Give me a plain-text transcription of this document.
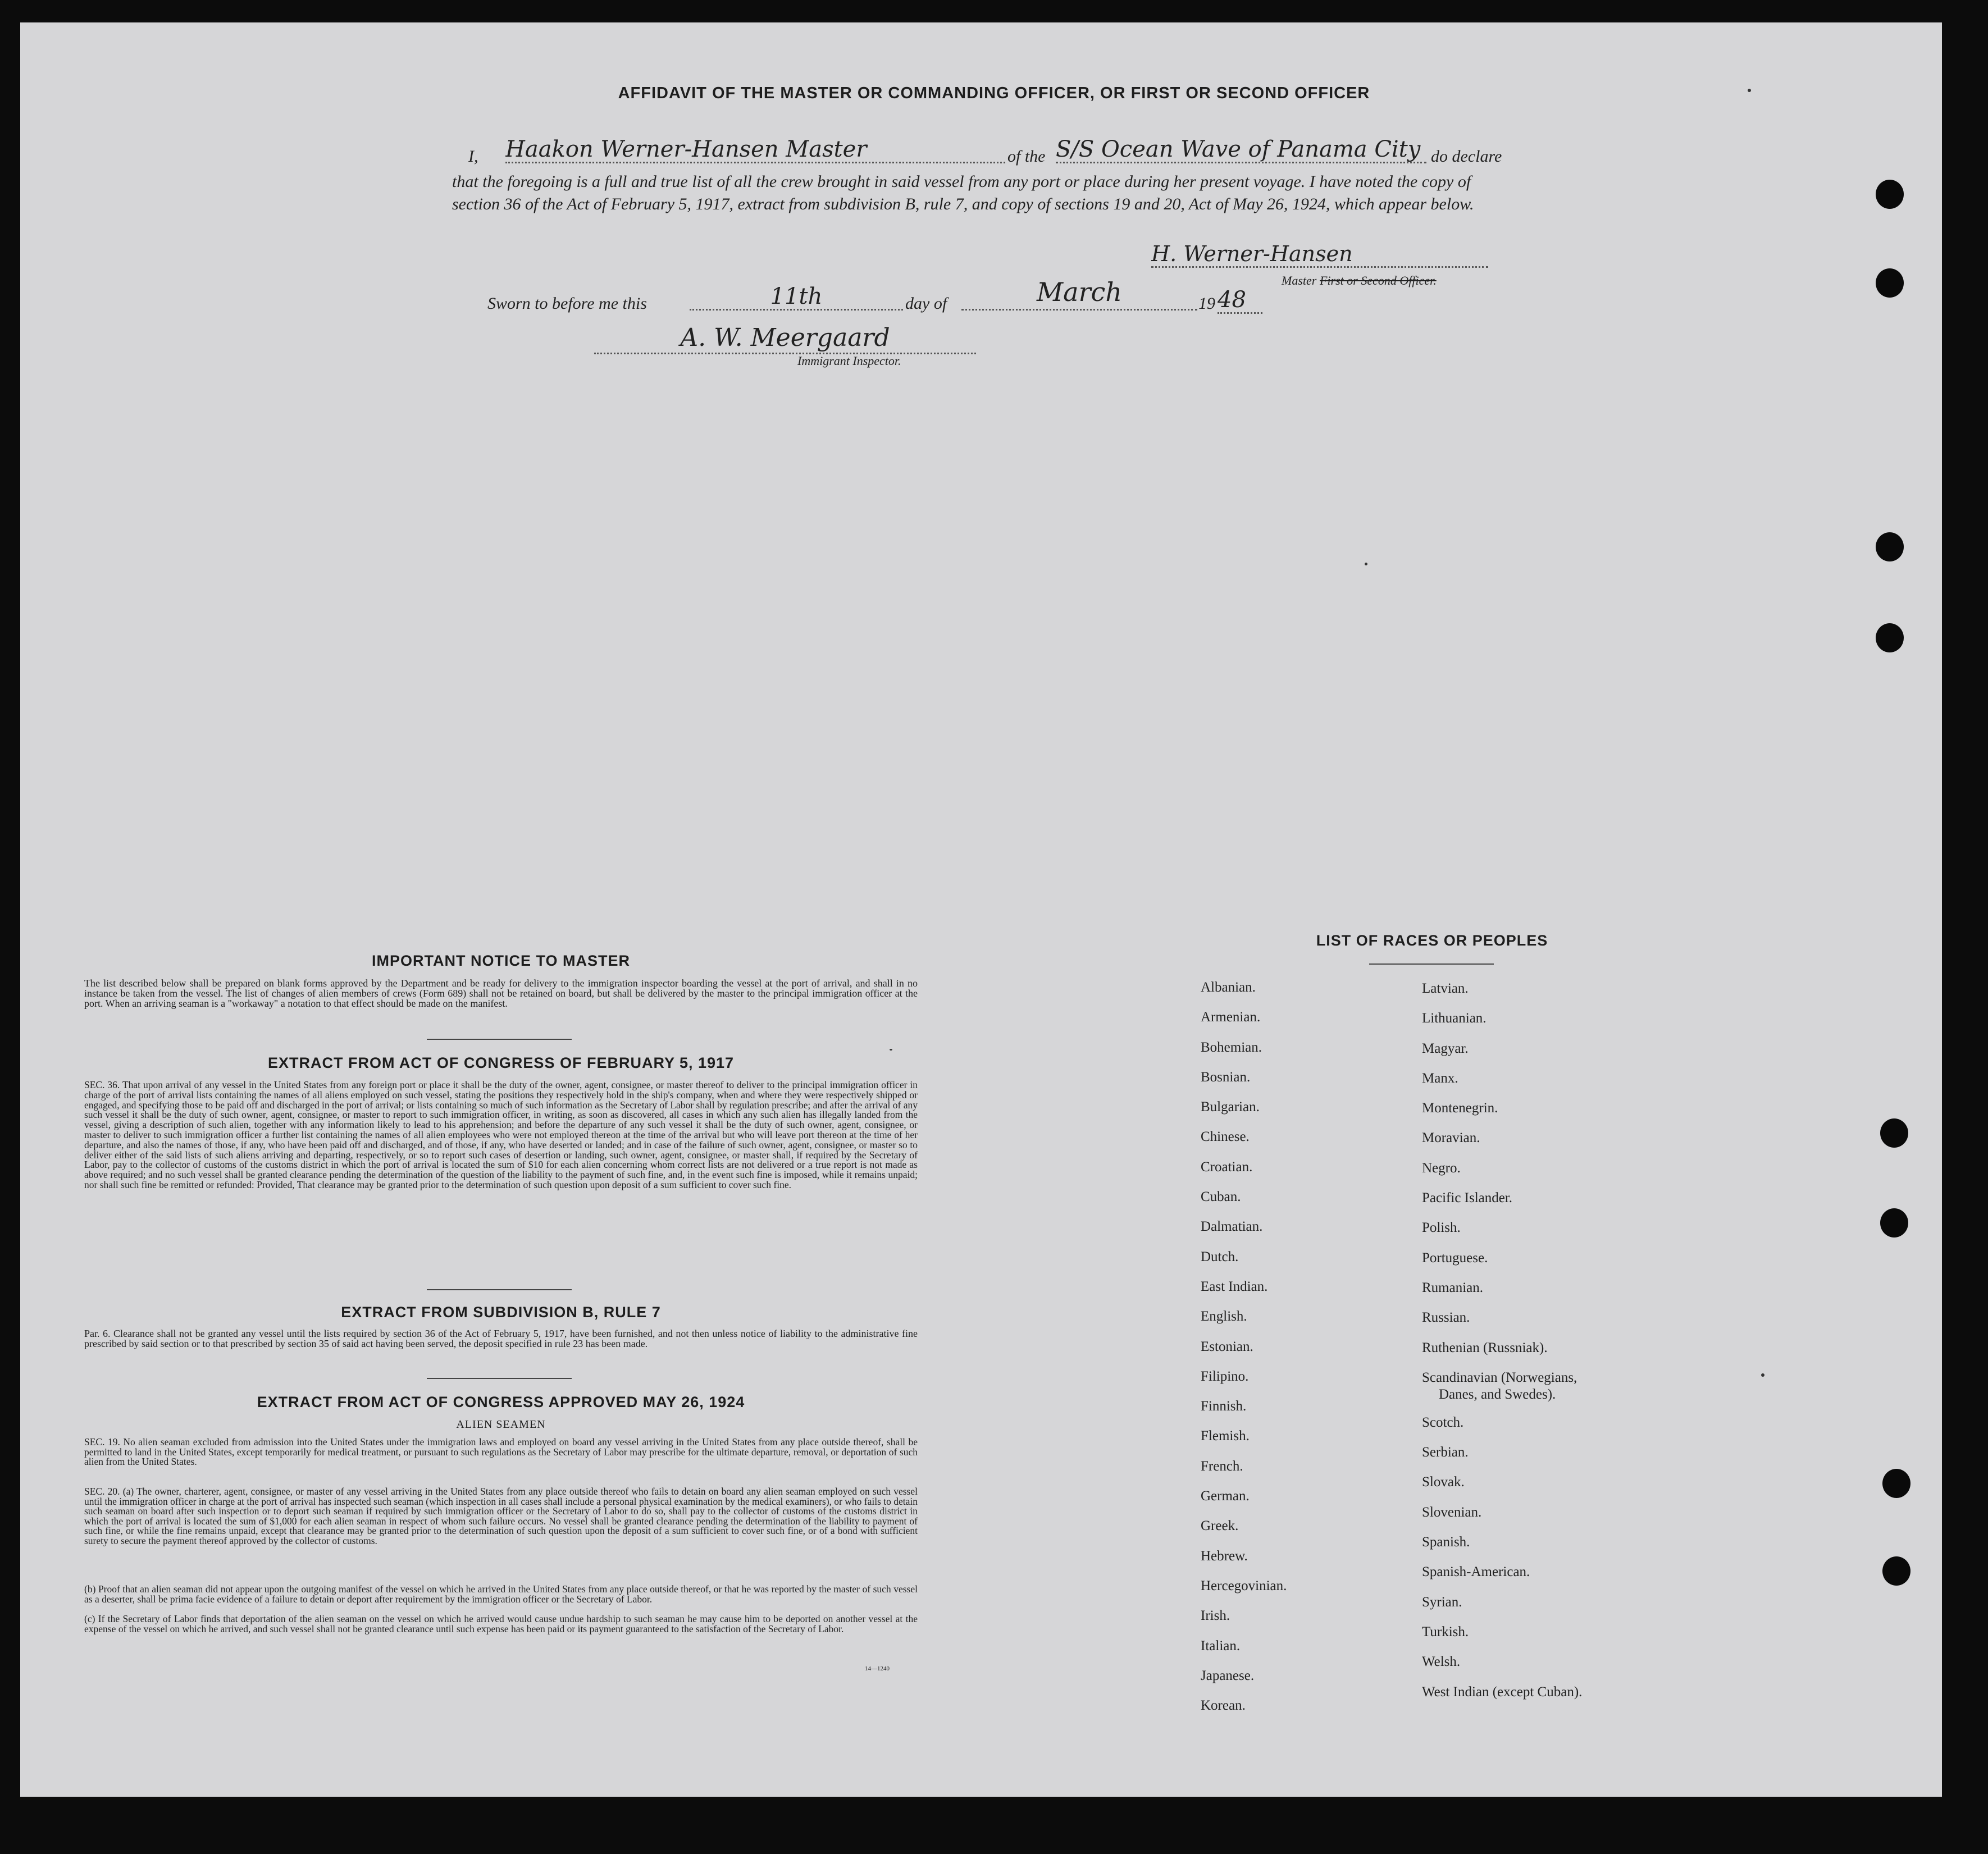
AFFIDAVIT OF THE MASTER OR COMMANDING OFFICER, OR FIRST OR SECOND OFFICER
I, Haakon Werner-Hansen Master	of the S/S Ocean Wave of Panama City do declare
that the foregoing is a full and true list of all the crew brought in said vessel from any port or place during her present voyage. I have noted the copy of section 36 of the Act of February 5, 1917, extract from subdivision B, rule 7, and copy of sections 19 and 20, Act of May 26, 1924, which appear below.
H. Werner-Hansen
Master First or Second Officer.
Sworn to before me this	11th	day of	March	19 48
A. W. Meergaard
Immigrant Inspector.
IMPORTANT NOTICE TO MASTER
The list described below shall be prepared on blank forms approved by the Department and be ready for delivery to the immigration inspector boarding the vessel at the port of arrival, and shall in no instance be taken from the vessel. The list of changes of alien members of crews (Form 689) shall not be retained on board, but shall be delivered by the master to the principal immigration officer at the port. When an arriving seaman is a "workaway" a notation to that effect should be made on the manifest.
EXTRACT FROM ACT OF CONGRESS OF FEBRUARY 5, 1917
SEC. 36. That upon arrival of any vessel in the United States from any foreign port or place it shall be the duty of the owner, agent, consignee, or master thereof to deliver to the principal immigration officer in charge of the port of arrival lists containing the names of all aliens employed on such vessel, stating the positions they respectively hold in the ship's company, when and where they were respectively shipped or engaged, and specifying those to be paid off and discharged in the port of arrival; or lists containing so much of such information as the Secretary of Labor shall by regulation prescribe; and after the arrival of any such vessel it shall be the duty of such owner, agent, consignee, or master to report to such immigration officer, in writing, as soon as discovered, all cases in which any such alien has illegally landed from the vessel, giving a description of such alien, together with any information likely to lead to his apprehension; and before the departure of any such vessel it shall be the duty of such owner, agent, consignee, or master to deliver to such immigration officer a further list containing the names of all alien employees who were not employed thereon at the time of the arrival but who will leave port thereon at the time of her departure, and also the names of those, if any, who have been paid off and discharged, and of those, if any, who have deserted or landed; and in case of the failure of such owner, agent, consignee, or master so to deliver either of the said lists of such aliens arriving and departing, respectively, or so to report such cases of desertion or landing, such owner, agent, consignee, or master shall, if required by the Secretary of Labor, pay to the collector of customs of the customs district in which the port of arrival is located the sum of $10 for each alien concerning whom correct lists are not delivered or a true report is not made as above required; and no such vessel shall be granted clearance pending the determination of the question of the liability to the payment of such fine, and, in the event such fine is imposed, while it remains unpaid; nor shall such fine be remitted or refunded: Provided, That clearance may be granted prior to the determination of such question upon deposit of a sum sufficient to cover such fine.
EXTRACT FROM SUBDIVISION B, RULE 7
Par. 6. Clearance shall not be granted any vessel until the lists required by section 36 of the Act of February 5, 1917, have been furnished, and not then unless notice of liability to the administrative fine prescribed by said section or to that prescribed by section 35 of said act having been served, the deposit specified in rule 23 has been made.
EXTRACT FROM ACT OF CONGRESS APPROVED MAY 26, 1924
ALIEN SEAMEN
SEC. 19. No alien seaman excluded from admission into the United States under the immigration laws and employed on board any vessel arriving in the United States from any place outside thereof, shall be permitted to land in the United States, except temporarily for medical treatment, or pursuant to such regulations as the Secretary of Labor may prescribe for the ultimate departure, removal, or deportation of such alien from the United States.
SEC. 20. (a) The owner, charterer, agent, consignee, or master of any vessel arriving in the United States from any place outside thereof who fails to detain on board any alien seaman employed on such vessel until the immigration officer in charge at the port of arrival has inspected such seaman (which inspection in all cases shall include a personal physical examination by the medical examiners), or who fails to detain such seaman on board after such inspection or to deport such seaman if required by such immigration officer or the Secretary of Labor to do so, shall pay to the collector of customs of the customs district in which the port of arrival is located the sum of $1,000 for each alien seaman in respect of whom such failure occurs. No vessel shall be granted clearance pending the determination of the liability to payment of such fine, or while the fine remains unpaid, except that clearance may be granted prior to the determination of such question upon the deposit of a sum sufficient to cover such fine, or of a bond with sufficient surety to secure the payment thereof approved by the collector of customs.
(b) Proof that an alien seaman did not appear upon the outgoing manifest of the vessel on which he arrived in the United States from any place outside thereof, or that he was reported by the master of such vessel as a deserter, shall be prima facie evidence of a failure to detain or deport after requirement by the immigration officer or the Secretary of Labor.
(c) If the Secretary of Labor finds that deportation of the alien seaman on the vessel on which he arrived would cause undue hardship to such seaman he may cause him to be deported on another vessel at the expense of the vessel on which he arrived, and such vessel shall not be granted clearance until such expense has been paid or its payment guaranteed to the satisfaction of the Secretary of Labor.
14—1240
LIST OF RACES OR PEOPLES
Albanian.
Armenian.
Bohemian.
Bosnian.
Bulgarian.
Chinese.
Croatian.
Cuban.
Dalmatian.
Dutch.
East Indian.
English.
Estonian.
Filipino.
Finnish.
Flemish.
French.
German.
Greek.
Hebrew.
Hercegovinian.
Irish.
Italian.
Japanese.
Korean.
Latvian.
Lithuanian.
Magyar.
Manx.
Montenegrin.
Moravian.
Negro.
Pacific Islander.
Polish.
Portuguese.
Rumanian.
Russian.
Ruthenian (Russniak).
Scandinavian (Norwegians,
Danes, and Swedes).
Scotch.
Serbian.
Slovak.
Slovenian.
Spanish.
Spanish-American.
Syrian.
Turkish.
Welsh.
West Indian (except Cuban).
